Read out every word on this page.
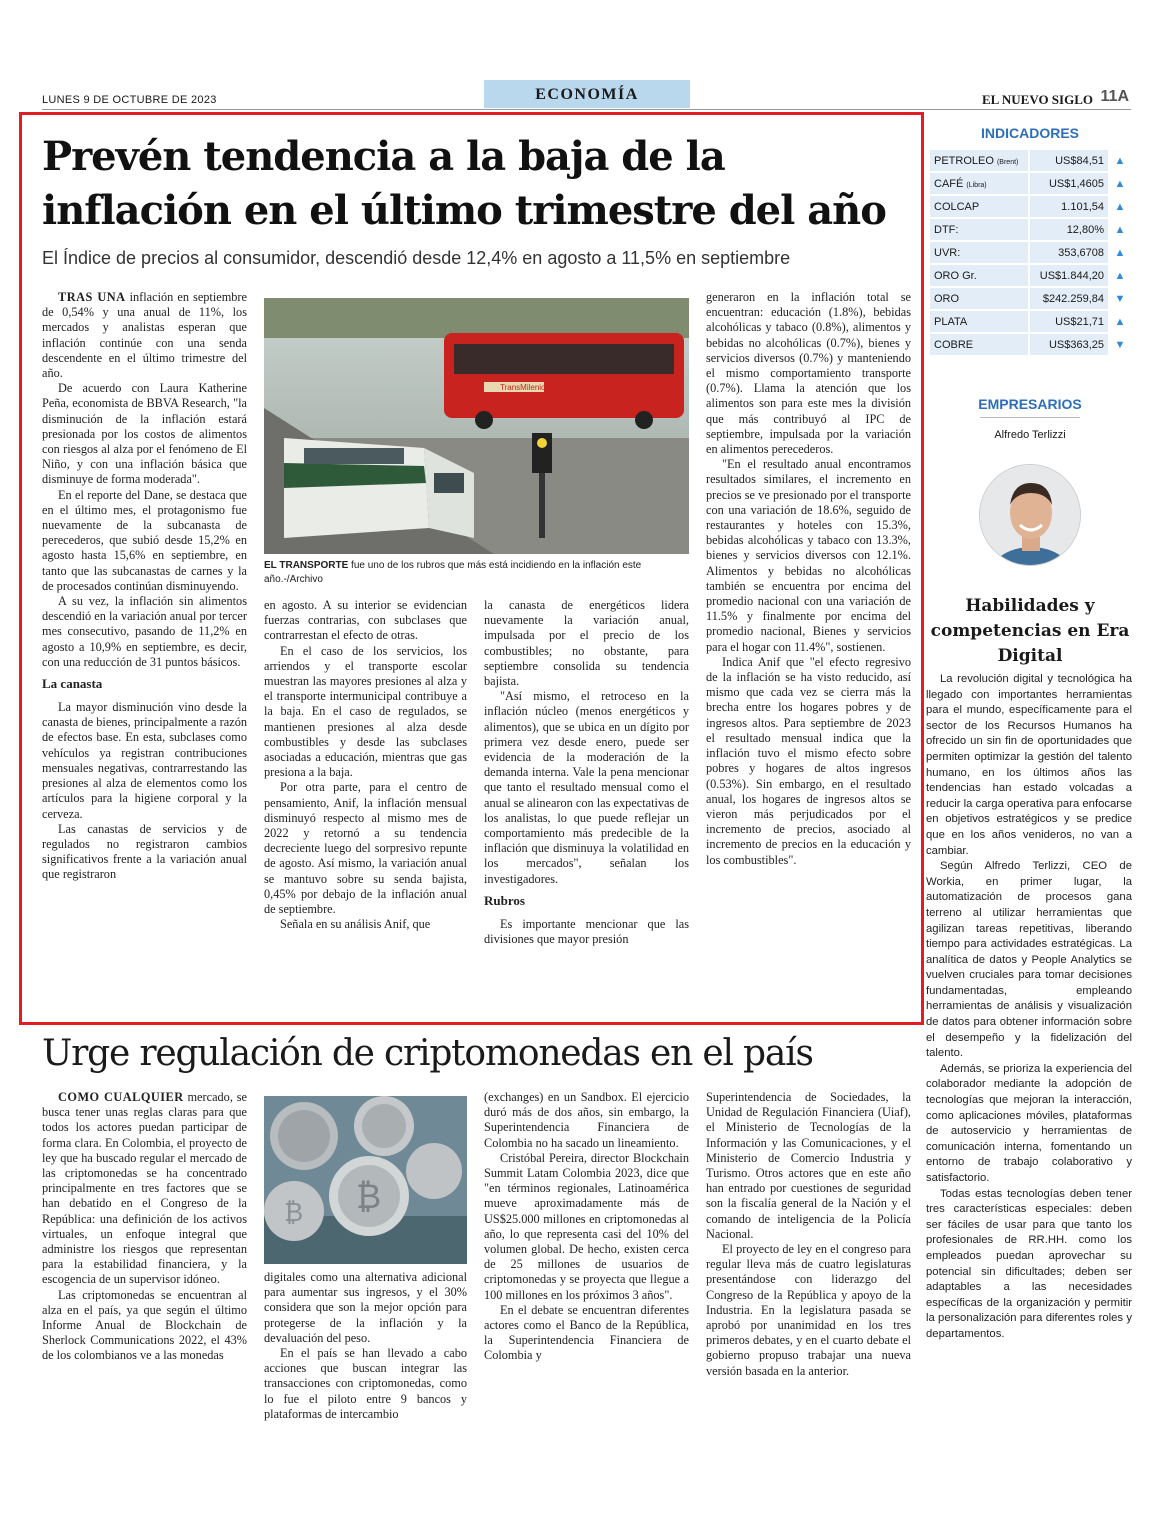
LUNES 9 DE OCTUBRE DE 2023	ECONOMÍA	EL NUEVO SIGLO 11A
Prevén tendencia a la baja de la inflación en el último trimestre del año
El Índice de precios al consumidor, descendió desde 12,4% en agosto a 11,5% en septiembre

TRAS UNA inflación en septiembre de 0,54% y una anual de 11%, los mercados y analistas esperan que inflación continúe con una senda descendente en el último trimestre del año.

De acuerdo con Laura Katherine Peña, economista de BBVA Research, "la disminución de la inflación estará presionada por los costos de alimentos con riesgos al alza por el fenómeno de El Niño, y con una inflación básica que disminuye de forma moderada".

En el reporte del Dane, se destaca que en el último mes, el protagonismo fue nuevamente de la subcanasta de perecederos, que subió desde 15,2% en agosto hasta 15,6% en septiembre, en tanto que las subcanastas de carnes y la de procesados continúan disminuyendo.

A su vez, la inflación sin alimentos descendió en la variación anual por tercer mes consecutivo, pasando de 11,2% en agosto a 10,9% en septiembre, es decir, con una reducción de 31 puntos básicos.

La canasta

La mayor disminución vino desde la canasta de bienes, principalmente a razón de efectos base. En esta, subclases como vehículos ya registran contribuciones mensuales negativas, contrarrestando las presiones al alza de elementos como los artículos para la higiene corporal y la cerveza.

Las canastas de servicios y de regulados no registraron cambios significativos frente a la variación anual que registraron

TransMilenio
EL TRANSPORTE fue uno de los rubros que más está incidiendo en la inflación este año.-/Archivo

en agosto. A su interior se evidencian fuerzas contrarias, con subclases que contrarrestan el efecto de otras.

En el caso de los servicios, los arriendos y el transporte escolar muestran las mayores presiones al alza y el transporte intermunicipal contribuye a la baja. En el caso de regulados, se mantienen presiones al alza desde combustibles y desde las subclases asociadas a educación, mientras que gas presiona a la baja.

Por otra parte, para el centro de pensamiento, Anif, la inflación mensual disminuyó respecto al mismo mes de 2022 y retornó a su tendencia decreciente luego del sorpresivo repunte de agosto. Así mismo, la variación anual se mantuvo sobre su senda bajista, 0,45% por debajo de la inflación anual de septiembre.

Señala en su análisis Anif, que

la canasta de energéticos lidera nuevamente la variación anual, impulsada por el precio de los combustibles; no obstante, para septiembre consolida su tendencia bajista.

"Así mismo, el retroceso en la inflación núcleo (menos energéticos y alimentos), que se ubica en un dígito por primera vez desde enero, puede ser evidencia de la moderación de la demanda interna. Vale la pena mencionar que tanto el resultado mensual como el anual se alinearon con las expectativas de los analistas, lo que puede reflejar un comportamiento más predecible de la inflación que disminuya la volatilidad en los mercados", señalan los investigadores.

Rubros

Es importante mencionar que las divisiones que mayor presión

generaron en la inflación total se encuentran: educación (1.8%), bebidas alcohólicas y tabaco (0.8%), alimentos y bebidas no alcohólicas (0.7%), bienes y servicios diversos (0.7%) y manteniendo el mismo comportamiento transporte (0.7%). Llama la atención que los alimentos son para este mes la división que más contribuyó al IPC de septiembre, impulsada por la variación en alimentos perecederos.

"En el resultado anual encontramos resultados similares, el incremento en precios se ve presionado por el transporte con una variación de 18.6%, seguido de restaurantes y hoteles con 15.3%, bebidas alcohólicas y tabaco con 13.3%, bienes y servicios diversos con 12.1%. Alimentos y bebidas no alcohólicas también se encuentra por encima del promedio nacional con una variación de 11.5% y finalmente por encima del promedio nacional, Bienes y servicios para el hogar con 11.4%", sostienen.

Indica Anif que "el efecto regresivo de la inflación se ha visto reducido, así mismo que cada vez se cierra más la brecha entre los hogares pobres y de ingresos altos. Para septiembre de 2023 el resultado mensual indica que la inflación tuvo el mismo efecto sobre pobres y hogares de altos ingresos (0.53%). Sin embargo, en el resultado anual, los hogares de ingresos altos se vieron más perjudicados por el incremento de precios, asociado al incremento de precios en la educación y los combustibles".

Urge regulación de criptomonedas en el país

COMO CUALQUIER mercado, se busca tener unas reglas claras para que todos los actores puedan participar de forma clara. En Colombia, el proyecto de ley que ha buscado regular el mercado de las criptomonedas se ha concentrado principalmente en tres factores que se han debatido en el Congreso de la República: una definición de los activos virtuales, un enfoque integral que administre los riesgos que representan para la estabilidad financiera, y la escogencia de un supervisor idóneo.

Las criptomonedas se encuentran al alza en el país, ya que según el último Informe Anual de Blockchain de Sherlock Communications 2022, el 43% de los colombianos ve a las monedas

₿
₿

digitales como una alternativa adicional para aumentar sus ingresos, y el 30% considera que son la mejor opción para protegerse de la inflación y la devaluación del peso.

En el país se han llevado a cabo acciones que buscan integrar las transacciones con criptomonedas, como lo fue el piloto entre 9 bancos y plataformas de intercambio

(exchanges) en un Sandbox. El ejercicio duró más de dos años, sin embargo, la Superintendencia Financiera de Colombia no ha sacado un lineamiento.

Cristóbal Pereira, director Blockchain Summit Latam Colombia 2023, dice que "en términos regionales, Latinoamérica mueve aproximadamente más de US$25.000 millones en criptomonedas al año, lo que representa casi del 10% del volumen global. De hecho, existen cerca de 25 millones de usuarios de criptomonedas y se proyecta que llegue a 100 millones en los próximos 3 años".

En el debate se encuentran diferentes actores como el Banco de la República, la Superintendencia Financiera de Colombia y

Superintendencia de Sociedades, la Unidad de Regulación Financiera (Uiaf), el Ministerio de Tecnologías de la Información y las Comunicaciones, y el Ministerio de Comercio Industria y Turismo. Otros actores que en este año han entrado por cuestiones de seguridad son la fiscalía general de la Nación y el comando de inteligencia de la Policía Nacional.

El proyecto de ley en el congreso para regular lleva más de cuatro legislaturas presentándose con liderazgo del Congreso de la República y apoyo de la Industria. En la legislatura pasada se aprobó por unanimidad en los tres primeros debates, y en el cuarto debate el gobierno propuso trabajar una nueva versión basada en la anterior.

INDICADORES
PETROLEO (Brent)	US$84,51 ▲
CAFÉ (Libra)	US$1,4605 ▲
COLCAP	1.101,54 ▲
DTF:	12,80% ▲
UVR:	353,6708 ▲
ORO Gr.	US$1.844,20 ▲
ORO	$242.259,84 ▼
PLATA	US$21,71 ▲
COBRE	US$363,25 ▼
EMPRESARIOS
Alfredo Terlizzi
Habilidades y competencias en Era Digital

La revolución digital y tecnológica ha llegado con importantes herramientas para el mundo, específicamente para el sector de los Recursos Humanos ha ofrecido un sin fin de oportunidades que permiten optimizar la gestión del talento humano, en los últimos años las tendencias han estado volcadas a reducir la carga operativa para enfocarse en objetivos estratégicos y se predice que en los años venideros, no van a cambiar.

Según Alfredo Terlizzi, CEO de Workia, en primer lugar, la automatización de procesos gana terreno al utilizar herramientas que agilizan tareas repetitivas, liberando tiempo para actividades estratégicas. La analítica de datos y People Analytics se vuelven cruciales para tomar decisiones fundamentadas, empleando herramientas de análisis y visualización de datos para obtener información sobre el desempeño y la fidelización del talento.

Además, se prioriza la experiencia del colaborador mediante la adopción de tecnologías que mejoran la interacción, como aplicaciones móviles, plataformas de autoservicio y herramientas de comunicación interna, fomentando un entorno de trabajo colaborativo y satisfactorio.

Todas estas tecnologías deben tener tres características especiales: deben ser fáciles de usar para que tanto los profesionales de RR.HH. como los empleados puedan aprovechar su potencial sin dificultades; deben ser adaptables a las necesidades específicas de la organización y permitir la personalización para diferentes roles y departamentos.
